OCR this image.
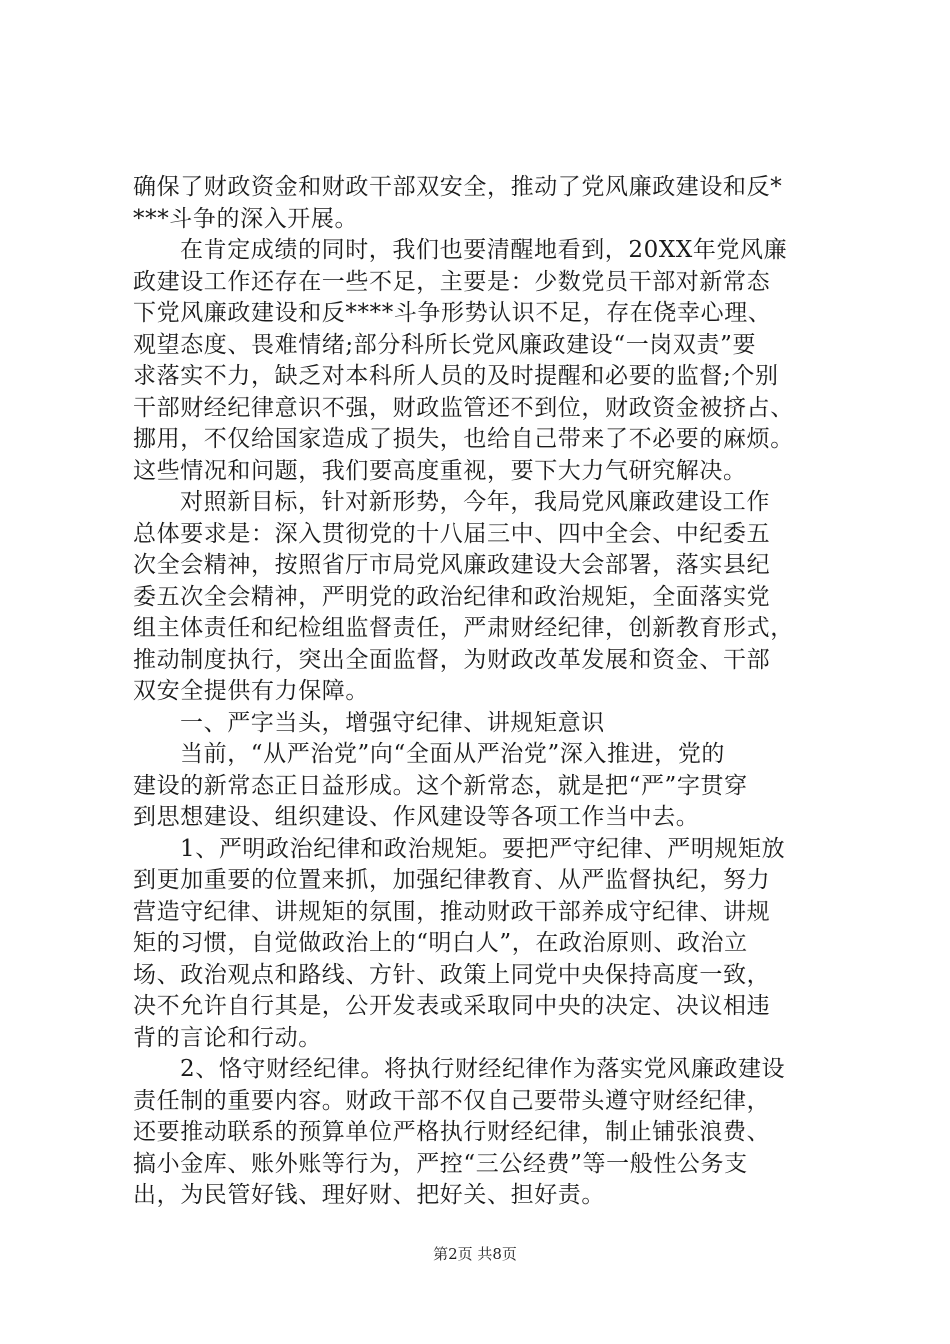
确保了财政资金和财政干部双安全，推动了党风廉政建设和反*
***斗争的深入开展。
在肯定成绩的同时，我们也要清醒地看到，20XX年党风廉
政建设工作还存在一些不足，主要是：少数党员干部对新常态
下党风廉政建设和反****斗争形势认识不足，存在侥幸心理、
观望态度、畏难情绪;部分科所长党风廉政建设“一岗双责”要
求落实不力，缺乏对本科所人员的及时提醒和必要的监督;个别
干部财经纪律意识不强，财政监管还不到位，财政资金被挤占、
挪用，不仅给国家造成了损失，也给自己带来了不必要的麻烦。
这些情况和问题，我们要高度重视，要下大力气研究解决。
对照新目标，针对新形势，今年，我局党风廉政建设工作
总体要求是：深入贯彻党的十八届三中、四中全会、中纪委五
次全会精神，按照省厅市局党风廉政建设大会部署，落实县纪
委五次全会精神，严明党的政治纪律和政治规矩，全面落实党
组主体责任和纪检组监督责任，严肃财经纪律，创新教育形式，
推动制度执行，突出全面监督，为财政改革发展和资金、干部
双安全提供有力保障。
一、严字当头，增强守纪律、讲规矩意识
当前，“从严治党”向“全面从严治党”深入推进，党的
建设的新常态正日益形成。这个新常态，就是把“严”字贯穿
到思想建设、组织建设、作风建设等各项工作当中去。
1、严明政治纪律和政治规矩。要把严守纪律、严明规矩放
到更加重要的位置来抓，加强纪律教育、从严监督执纪，努力
营造守纪律、讲规矩的氛围，推动财政干部养成守纪律、讲规
矩的习惯，自觉做政治上的“明白人”，在政治原则、政治立
场、政治观点和路线、方针、政策上同党中央保持高度一致，
决不允许自行其是，公开发表或采取同中央的决定、决议相违
背的言论和行动。
2、恪守财经纪律。将执行财经纪律作为落实党风廉政建设
责任制的重要内容。财政干部不仅自己要带头遵守财经纪律，
还要推动联系的预算单位严格执行财经纪律，制止铺张浪费、
搞小金库、账外账等行为，严控“三公经费”等一般性公务支
出，为民管好钱、理好财、把好关、担好责。
第2页 共8页
